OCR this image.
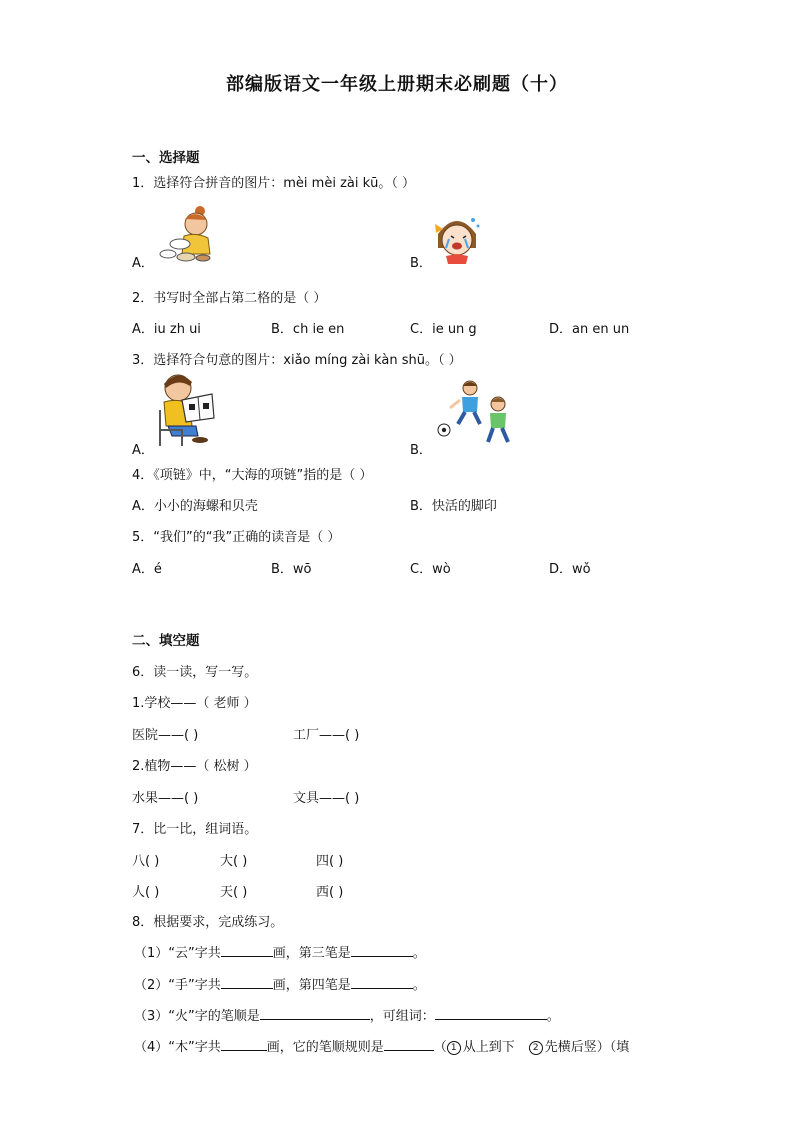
部编版语文一年级上册期末必刷题（十）
一、选择题
1．选择符合拼音的图片：mèi mèi zài kū。（ ）
A．	B．
2．书写时全部占第二格的是（ ）
A．iu zh ui	B．ch ie en	C．ie un g	D．an en un
3．选择符合句意的图片：xiǎo míng zài kàn shū。（ ）
A．	B．
4．《项链》中，“大海的项链”指的是（ ）
A．小小的海螺和贝壳	B．快活的脚印
5．“我们”的“我”正确的读音是（ ）
A．é	B．wō	C．wò	D．wǒ
二、填空题
6．读一读，写一写。
1.学校——（ 老师 ）
医院——( )	工厂——( )
2.植物——（ 松树 ）
水果——( )	文具——( )
7．比一比，组词语。
八( )	大( )	四( )
人( )	天( )	西( )
8．根据要求，完成练习。
（1）“云”字共	画，第三笔是	。
（2）“手”字共	画，第四笔是	。
（3）“火”字的笔顺是	，可组词：	。
（4）“木”字共	画，它的笔顺规则是	（ 1 从上到下 2 先横后竖）（填
